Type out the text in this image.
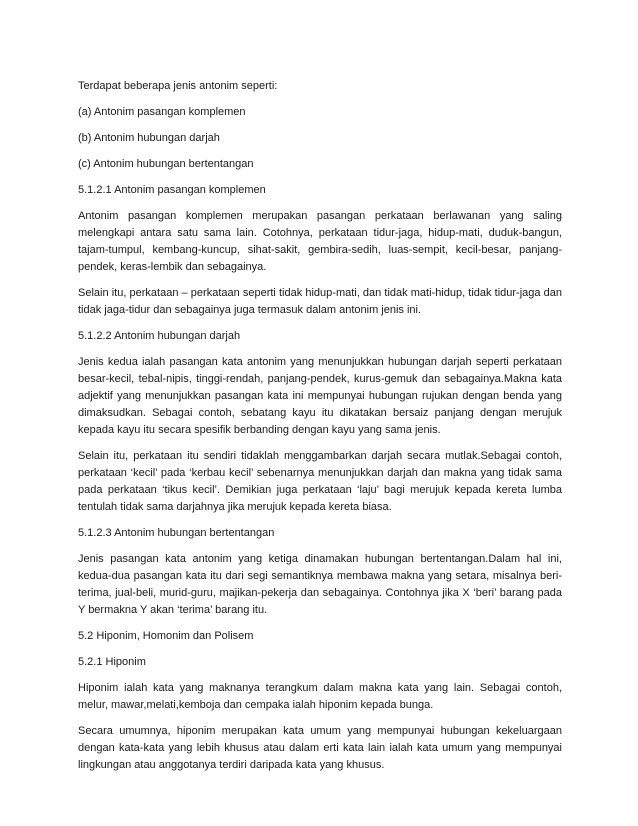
Terdapat beberapa jenis antonim seperti:

(a) Antonim pasangan komplemen

(b) Antonim hubungan darjah

(c) Antonim hubungan bertentangan

5.1.2.1 Antonim pasangan komplemen

Antonim pasangan komplemen merupakan pasangan perkataan berlawanan yang saling melengkapi antara satu sama lain. Cotohnya, perkataan tidur-jaga, hidup-mati, duduk-bangun, tajam-tumpul, kembang-kuncup, sihat-sakit, gembira-sedih, luas-sempit, kecil-besar, panjang-pendek, keras-lembik dan sebagainya.

Selain itu, perkataan – perkataan seperti tidak hidup-mati, dan tidak mati-hidup, tidak tidur-jaga dan tidak jaga-tidur dan sebagainya juga termasuk dalam antonim jenis ini.

5.1.2.2 Antonim hubungan darjah

Jenis kedua ialah pasangan kata antonim yang menunjukkan hubungan darjah seperti perkataan besar-kecil, tebal-nipis, tinggi-rendah, panjang-pendek, kurus-gemuk dan sebagainya.Makna kata adjektif yang menunjukkan pasangan kata ini mempunyai hubungan rujukan dengan benda yang dimaksudkan. Sebagai contoh, sebatang kayu itu dikatakan bersaiz panjang dengan merujuk kepada kayu itu secara spesifik berbanding dengan kayu yang sama jenis.

Selain itu, perkataan itu sendiri tidaklah menggambarkan darjah secara mutlak.Sebagai contoh, perkataan ‘kecil’ pada ‘kerbau kecil’ sebenarnya menunjukkan darjah dan makna yang tidak sama pada perkataan ‘tikus kecil’. Demikian juga perkataan ‘laju’ bagi merujuk kepada kereta lumba tentulah tidak sama darjahnya jika merujuk kepada kereta biasa.

5.1.2.3 Antonim hubungan bertentangan

Jenis pasangan kata antonim yang ketiga dinamakan hubungan bertentangan.Dalam hal ini, kedua-dua pasangan kata itu dari segi semantiknya membawa makna yang setara, misalnya beri-terima, jual-beli, murid-guru, majikan-pekerja dan sebagainya. Contohnya jika X ‘beri’ barang pada Y bermakna Y akan ‘terima’ barang itu.

5.2 Hiponim, Homonim dan Polisem

5.2.1 Hiponim

Hiponim ialah kata yang maknanya terangkum dalam makna kata yang lain. Sebagai contoh, melur, mawar,melati,kemboja dan cempaka ialah hiponim kepada bunga.

Secara umumnya, hiponim merupakan kata umum yang mempunyai hubungan kekeluargaan dengan kata-kata yang lebih khusus atau dalam erti kata lain ialah kata umum yang mempunyai lingkungan atau anggotanya terdiri daripada kata yang khusus.
